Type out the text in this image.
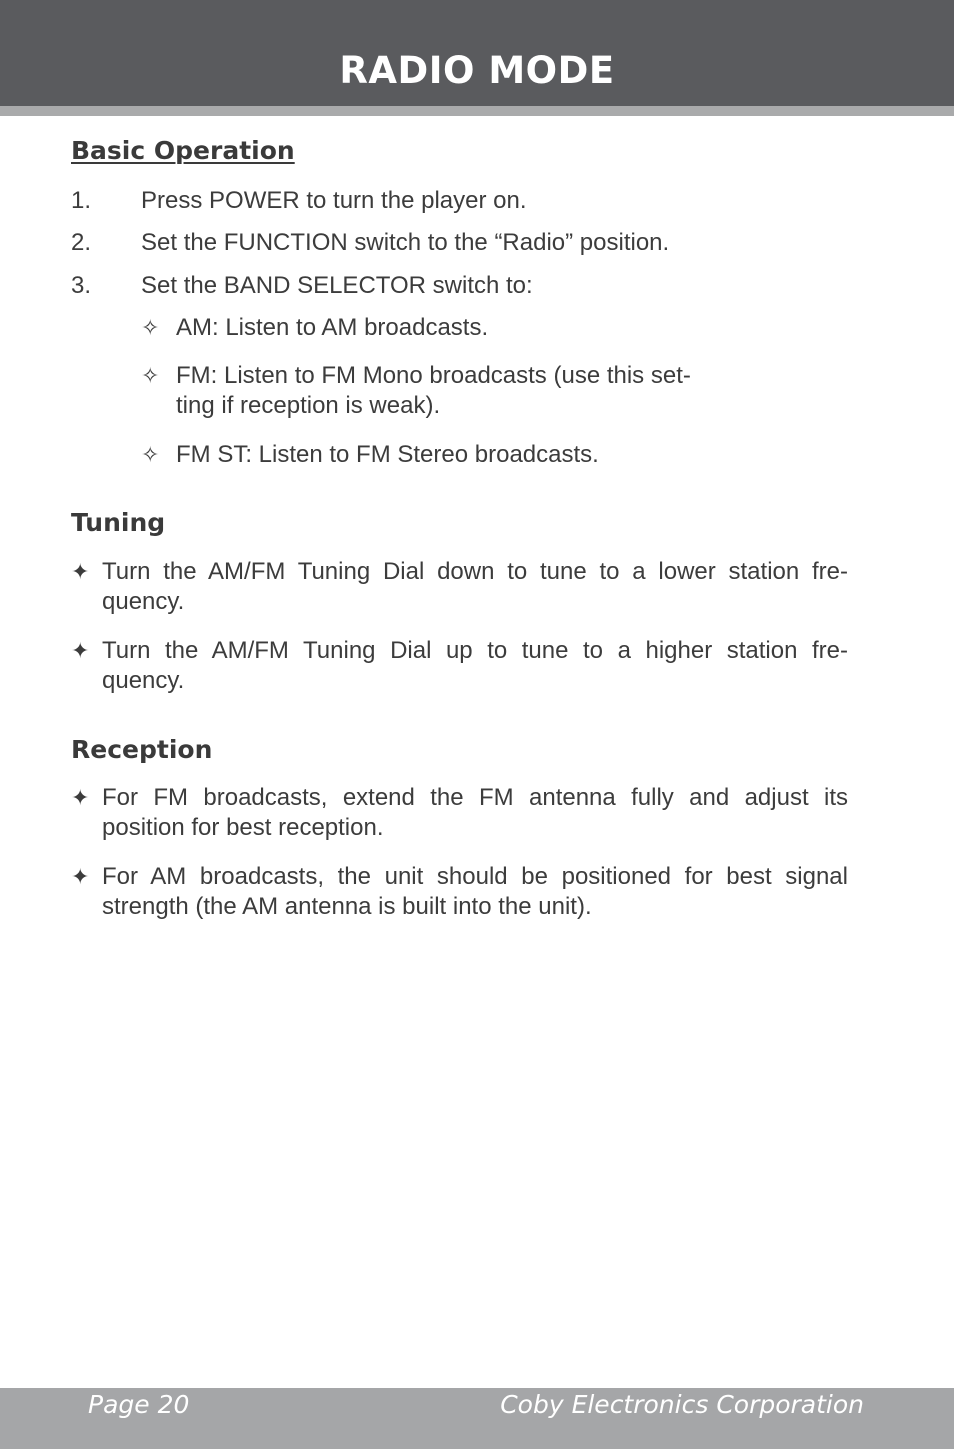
RADIO MODE
Basic Operation
1. Press POWER to turn the player on.
2. Set the FUNCTION switch to the “Radio” position.
3. Set the BAND SELECTOR switch to:
✧ AM: Listen to AM broadcasts.
✧ FM: Listen to FM Mono broadcasts (use this set-
ting if reception is weak).
✧ FM ST: Listen to FM Stereo broadcasts.
Tuning
✦ Turn the AM/FM Tuning Dial down to tune to a lower station fre-
quency.
✦ Turn the AM/FM Tuning Dial up to tune to a higher station fre-
quency.
Reception
✦ For FM broadcasts, extend the FM antenna fully and adjust its
position for best reception.
✦ For AM broadcasts, the unit should be positioned for best signal
strength (the AM antenna is built into the unit).
Page 20	Coby Electronics Corporation
